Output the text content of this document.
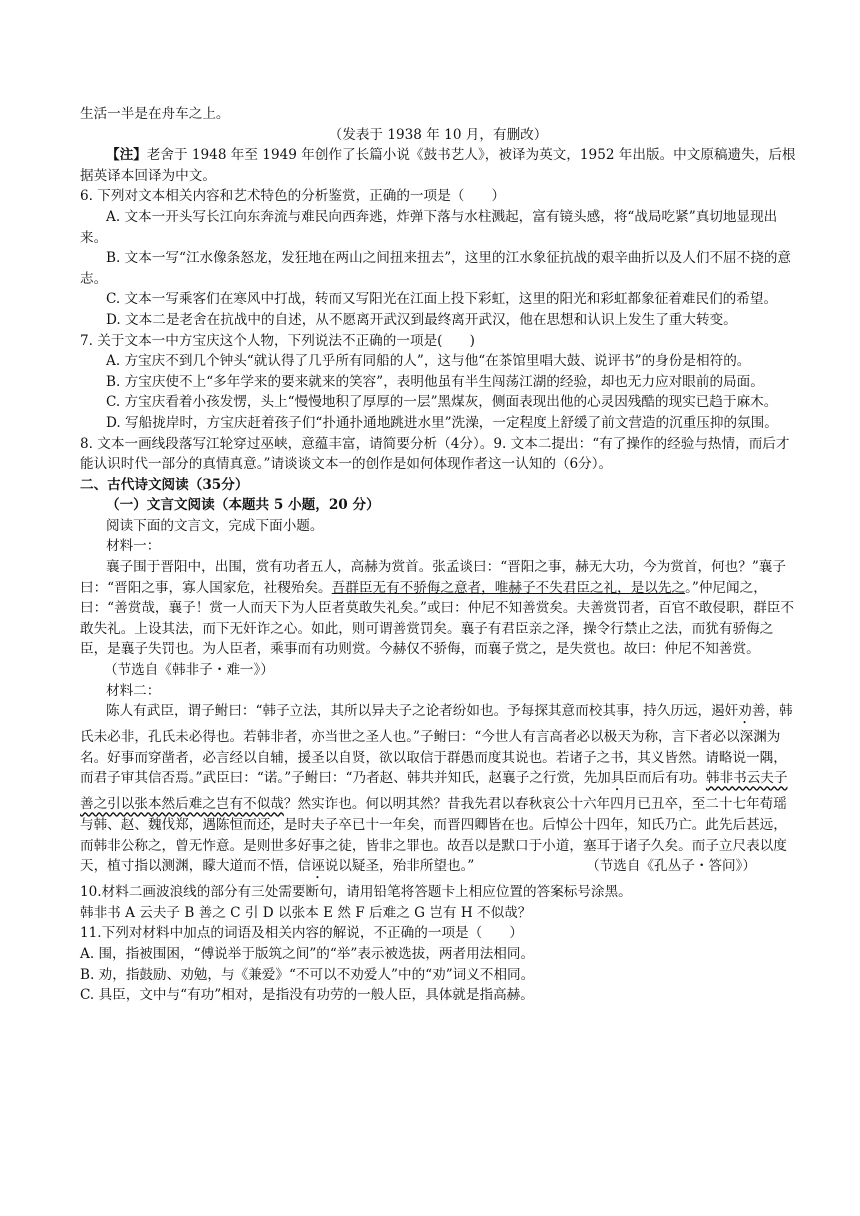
生活一半是在舟车之上。

（发表于 1938 年 10 月，有删改）

【注】老舍于 1948 年至 1949 年创作了长篇小说《鼓书艺人》，被译为英文，1952 年出版。中文原稿遗失，后根据英译本回译为中文。

6. 下列对文本相关内容和艺术特色的分析鉴赏，正确的一项是（　　）

A. 文本一开头写长江向东奔流与难民向西奔逃，炸弹下落与水柱溅起，富有镜头感，将“战局吃紧”真切地显现出来。

B. 文本一写“江水像条怒龙，发狂地在两山之间扭来扭去”，这里的江水象征抗战的艰辛曲折以及人们不屈不挠的意志。

C. 文本一写乘客们在寒风中打战，转而又写阳光在江面上投下彩虹，这里的阳光和彩虹都象征着难民们的希望。

D. 文本二是老舍在抗战中的自述，从不愿离开武汉到最终离开武汉，他在思想和认识上发生了重大转变。

7. 关于文本一中方宝庆这个人物，下列说法不正确的一项是(　　)

A. 方宝庆不到几个钟头“就认得了几乎所有同船的人”，这与他“在茶馆里唱大鼓、说评书”的身份是相符的。

B. 方宝庆使不上“多年学来的要来就来的笑容”，表明他虽有半生闯荡江湖的经验，却也无力应对眼前的局面。

C. 方宝庆看着小孩发愣，头上“慢慢地积了厚厚的一层”黑煤灰，侧面表现出他的心灵因残酷的现实已趋于麻木。

D. 写船拢岸时，方宝庆赶着孩子们“扑通扑通地跳进水里”洗澡，一定程度上舒缓了前文营造的沉重压抑的氛围。

8. 文本一画线段落写江轮穿过巫峡，意蕴丰富，请简要分析（4分）。9. 文本二提出：“有了操作的经验与热情，而后才能认识时代一部分的真情真意。”请谈谈文本一的创作是如何体现作者这一认知的（6分）。

二、古代诗文阅读（35分）

（一）文言文阅读（本题共 5 小题，20 分）

阅读下面的文言文，完成下面小题。

材料一：

襄子围于晋阳中，出围，赏有功者五人，高赫为赏首。张孟谈曰：“晋阳之事，赫无大功，今为赏首，何也？”襄子曰：“晋阳之事，寡人国家危，社稷殆矣。吾群臣无有不骄侮之意者，唯赫子不失君臣之礼，是以先之。”仲尼闻之，曰：“善赏哉，襄子！赏一人而天下为人臣者莫敢失礼矣。”或曰：仲尼不知善赏矣。夫善赏罚者，百官不敢侵职，群臣不敢失礼。上设其法，而下无奸诈之心。如此，则可谓善赏罚矣。襄子有君臣亲之泽，操令行禁止之法，而犹有骄侮之臣，是襄子失罚也。为人臣者，乘事而有功则赏。今赫仅不骄侮，而襄子赏之，是失赏也。故曰：仲尼不知善赏。（节选自《韩非子・难一》）

材料二：

陈人有武臣，谓子鲋曰：“韩子立法，其所以异夫子之论者纷如也。予每探其意而校其事，持久历远，遏奸劝善，韩氏未必非，孔氏未必得也。若韩非者，亦当世之圣人也。”子鲋曰：“今世人有言高者必以极天为称，言下者必以深渊为名。好事而穿凿者，必言经以自辅，援圣以自贤，欲以取信于群愚而度其说也。若诸子之书，其义皆然。请略说一隅，而君子审其信否焉。”武臣曰：“诺。”子鲋曰：“乃者赵、韩共并知氏，赵襄子之行赏，先加具臣而后有功。韩非书云夫子善之引以张本然后难之岂有不似哉？然实诈也。何以明其然？昔我先君以春秋哀公十六年四月已丑卒，至二十七年荀瑶与韩、赵、魏伐郑，遇陈恒而还，是时夫子卒已十一年矣，而晋四卿皆在也。后悼公十四年，知氏乃亡。此先后甚远，而韩非公称之，曾无怍意。是则世多好事之徒，皆非之罪也。故吾以是默口于小道，塞耳于诸子久矣。而子立尺表以度天，植寸指以测渊，矇大道而不悟，信诬说以疑圣，殆非所望也。”	（节选自《孔丛子・答问》）

10.材料二画波浪线的部分有三处需要断句，请用铅笔将答题卡上相应位置的答案标号涂黑。

韩非书 A 云夫子 B 善之 C 引 D 以张本 E 然 F 后难之 G 岂有 H 不似哉？

11.下列对材料中加点的词语及相关内容的解说，不正确的一项是（　　）

A. 围，指被围困，“傅说举于版筑之间”的“举”表示被选拔，两者用法相同。

B. 劝，指鼓励、劝勉，与《兼爱》“不可以不劝爱人”中的“劝”词义不相同。

C. 具臣，文中与“有功”相对，是指没有功劳的一般人臣，具体就是指高赫。
